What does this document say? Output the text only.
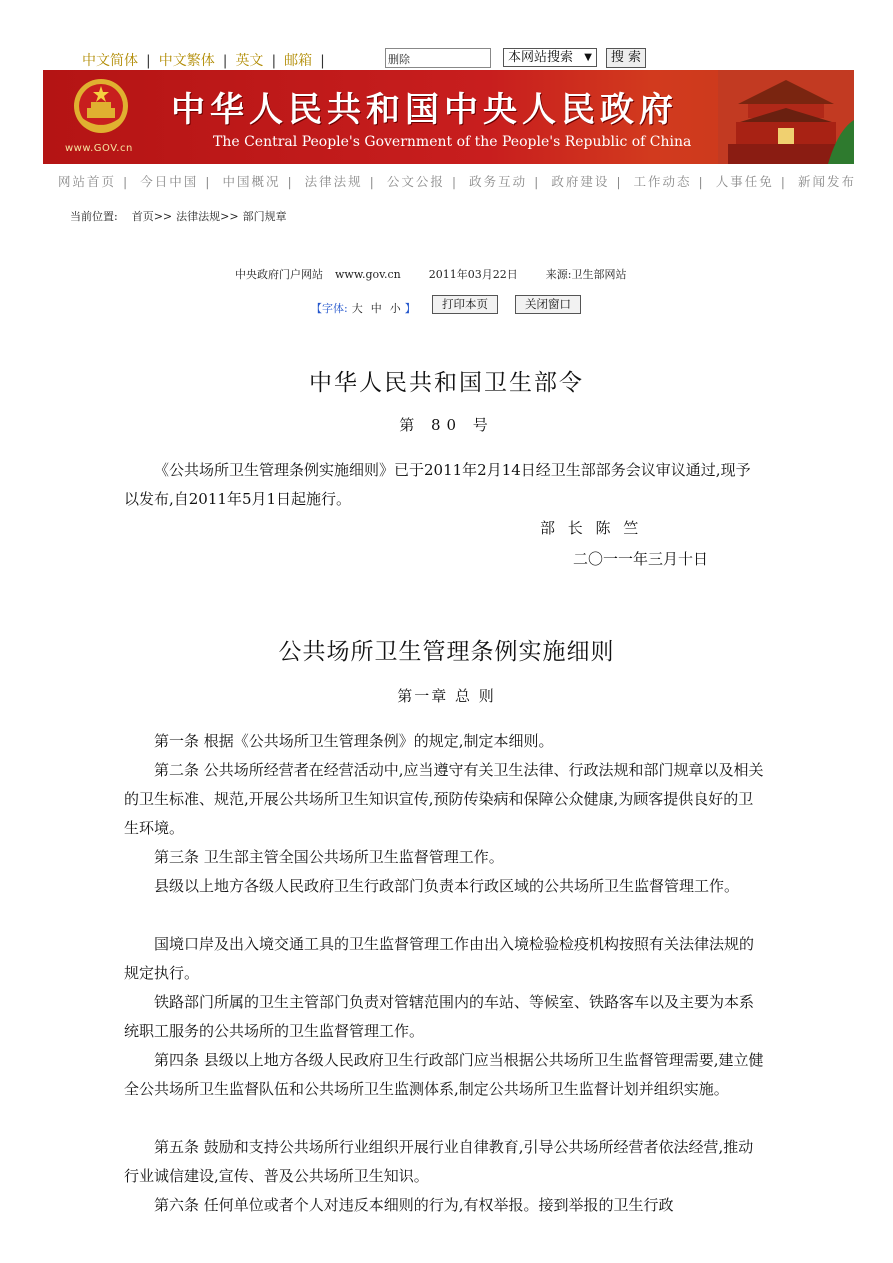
中文简体 | 中文繁体 | 英文 | 邮箱 |	删除	本网站搜索 ▼	搜 索
www.GOV.cn
中华人民共和国中央人民政府
The Central People's Government of the People's Republic of China
网站首页 | 今日中国 | 中国概况 | 法律法规 | 公文公报 | 政务互动 | 政府建设 | 工作动态 | 人事任免 | 新闻发布
当前位置: 首页>> 法律法规>> 部门规章
中央政府门户网站 www.gov.cn	2011年03月22日	来源:卫生部网站
【字体: 大 中 小 】	打印本页	关闭窗口
中华人民共和国卫生部令
第 80 号
《公共场所卫生管理条例实施细则》已于2011年2月14日经卫生部部务会议审议通过,现予以发布,自2011年5月1日起施行。
部 长 陈 竺
二〇一一年三月十日
公共场所卫生管理条例实施细则
第一章 总 则
第一条 根据《公共场所卫生管理条例》的规定,制定本细则。
第二条 公共场所经营者在经营活动中,应当遵守有关卫生法律、行政法规和部门规章以及相关的卫生标准、规范,开展公共场所卫生知识宣传,预防传染病和保障公众健康,为顾客提供良好的卫生环境。
第三条 卫生部主管全国公共场所卫生监督管理工作。
县级以上地方各级人民政府卫生行政部门负责本行政区域的公共场所卫生监督管理工作。
国境口岸及出入境交通工具的卫生监督管理工作由出入境检验检疫机构按照有关法律法规的规定执行。
铁路部门所属的卫生主管部门负责对管辖范围内的车站、等候室、铁路客车以及主要为本系统职工服务的公共场所的卫生监督管理工作。
第四条 县级以上地方各级人民政府卫生行政部门应当根据公共场所卫生监督管理需要,建立健全公共场所卫生监督队伍和公共场所卫生监测体系,制定公共场所卫生监督计划并组织实施。
第五条 鼓励和支持公共场所行业组织开展行业自律教育,引导公共场所经营者依法经营,推动行业诚信建设,宣传、普及公共场所卫生知识。
第六条 任何单位或者个人对违反本细则的行为,有权举报。接到举报的卫生行政
